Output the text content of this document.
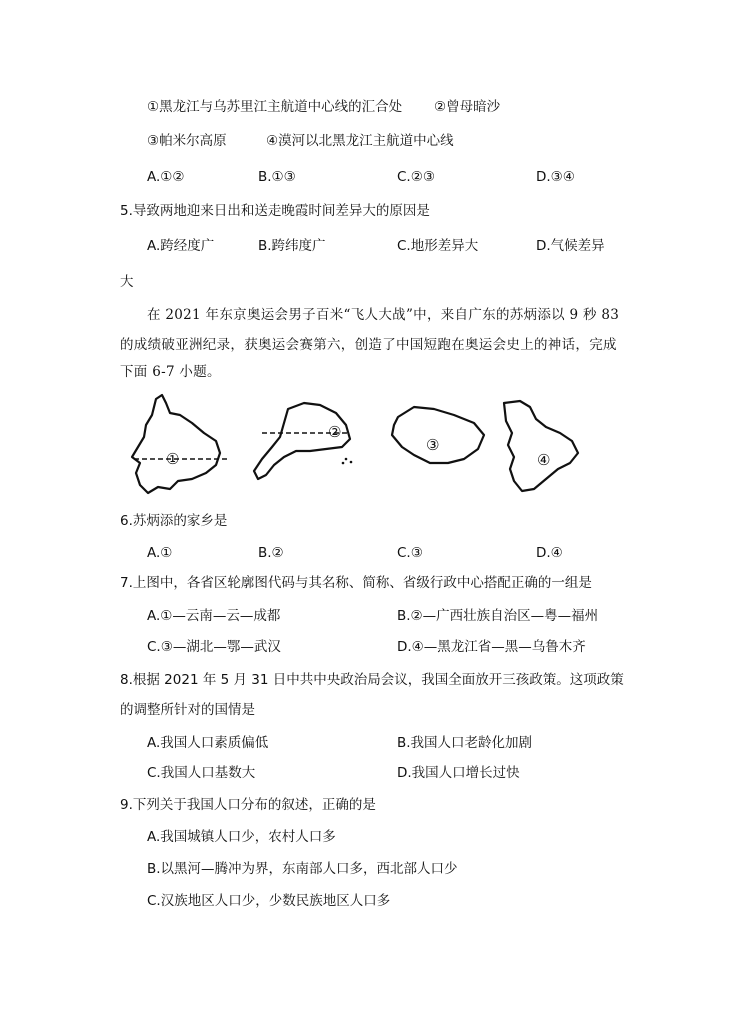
①黑龙江与乌苏里江主航道中心线的汇合处 ②曾母暗沙
③帕米尔高原	④漠河以北黑龙江主航道中心线
A.①②	B.①③	C.②③	D.③④
5.导致两地迎来日出和送走晚霞时间差异大的原因是
A.跨经度广	B.跨纬度广	C.地形差异大	D.气候差异
大
在 2021 年东京奥运会男子百米“飞人大战”中，来自广东的苏炳添以 9 秒 83
的成绩破亚洲纪录，获奥运会赛第六，创造了中国短跑在奥运会史上的神话，完成
下面 6-7 小题。
①
②
③
④
6.苏炳添的家乡是
A.①	B.②	C.③	D.④
7.上图中，各省区轮廓图代码与其名称、简称、省级行政中心搭配正确的一组是
A.①—云南—云—成都	B.②—广西壮族自治区—粤—福州
C.③—湖北—鄂—武汉	D.④—黑龙江省—黑—乌鲁木齐
8.根据 2021 年 5 月 31 日中共中央政治局会议，我国全面放开三孩政策。这项政策
的调整所针对的国情是
A.我国人口素质偏低	B.我国人口老龄化加剧
C.我国人口基数大	D.我国人口增长过快
9.下列关于我国人口分布的叙述，正确的是
A.我国城镇人口少，农村人口多
B.以黑河—腾冲为界，东南部人口多，西北部人口少
C.汉族地区人口少，少数民族地区人口多
